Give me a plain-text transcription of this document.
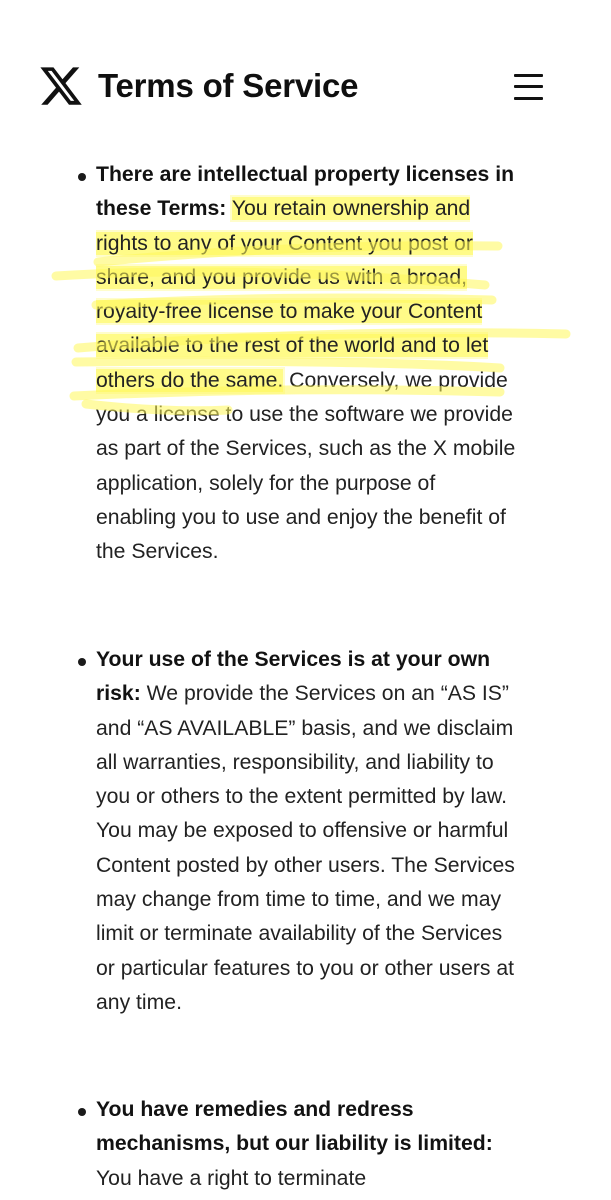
Terms of Service
There are intellectual property licenses in these Terms: You retain ownership and rights to any of your Content you post or share, and you provide us with a broad, royalty-free license to make your Content available to the rest of the world and to let others do the same. Conversely, we provide you a license to use the software we provide as part of the Services, such as the X mobile application, solely for the purpose of enabling you to use and enjoy the benefit of the Services.
Your use of the Services is at your own risk: We provide the Services on an “AS IS” and “AS AVAILABLE” basis, and we disclaim all warranties, responsibility, and liability to you or others to the extent permitted by law. You may be exposed to offensive or harmful Content posted by other users. The Services may change from time to time, and we may limit or terminate availability of the Services or particular features to you or other users at any time.
You have remedies and redress mechanisms, but our liability is limited: You have a right to terminate
